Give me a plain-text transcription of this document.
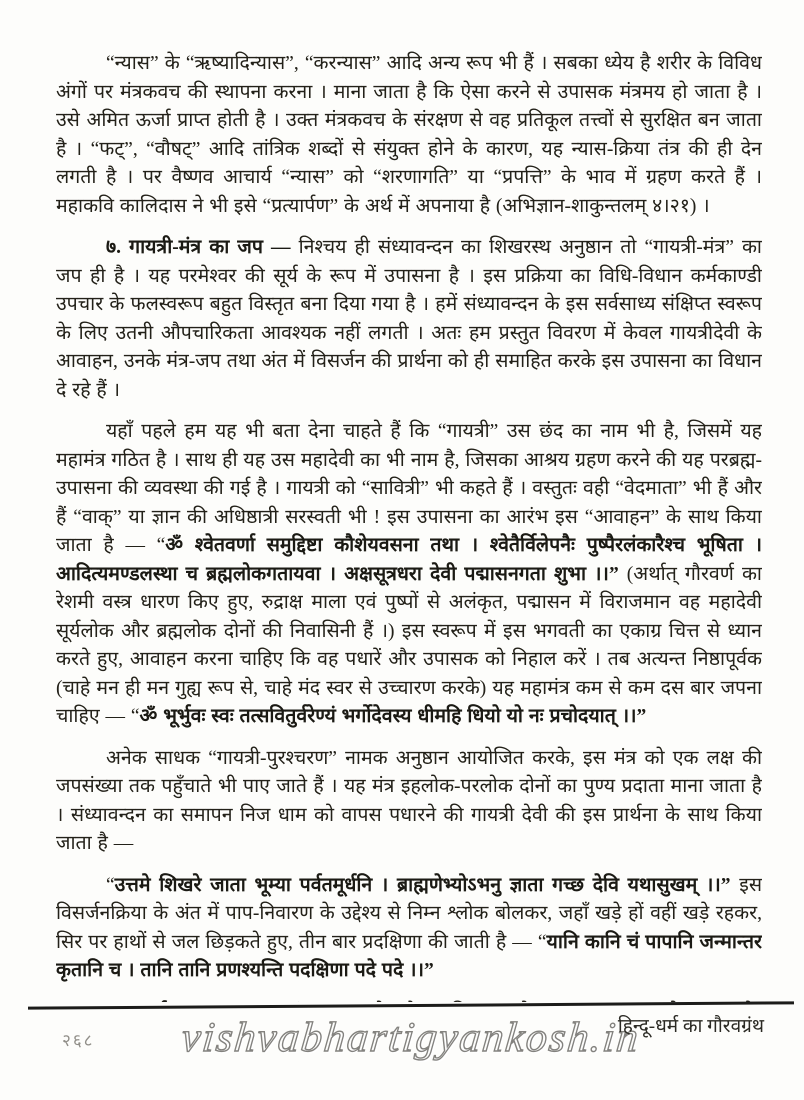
“न्यास” के “ऋष्यादिन्यास”, “करन्यास” आदि अन्य रूप भी हैं । सबका ध्येय है शरीर के विविध अंगों पर मंत्रकवच की स्थापना करना । माना जाता है कि ऐसा करने से उपासक मंत्रमय हो जाता है । उसे अमित ऊर्जा प्राप्त होती है । उक्त मंत्रकवच के संरक्षण से वह प्रतिकूल तत्त्वों से सुरक्षित बन जाता है । “फट्”, “वौषट्” आदि तांत्रिक शब्दों से संयुक्त होने के कारण, यह न्यास-क्रिया तंत्र की ही देन लगती है । पर वैष्णव आचार्य “न्यास” को “शरणागति” या “प्रपत्ति” के भाव में ग्रहण करते हैं । महाकवि कालिदास ने भी इसे “प्रत्यार्पण” के अर्थ में अपनाया है (अभिज्ञान-शाकुन्तलम् ४।२१) ।

७. गायत्री-मंत्र का जप — निश्चय ही संध्यावन्दन का शिखरस्थ अनुष्ठान तो “गायत्री-मंत्र” का जप ही है । यह परमेश्वर की सूर्य के रूप में उपासना है । इस प्रक्रिया का विधि-विधान कर्मकाण्डी उपचार के फलस्वरूप बहुत विस्तृत बना दिया गया है । हमें संध्यावन्दन के इस सर्वसाध्य संक्षिप्त स्वरूप के लिए उतनी औपचारिकता आवश्यक नहीं लगती । अतः हम प्रस्तुत विवरण में केवल गायत्रीदेवी के आवाहन, उनके मंत्र-जप तथा अंत में विसर्जन की प्रार्थना को ही समाहित करके इस उपासना का विधान दे रहे हैं ।

यहाँ पहले हम यह भी बता देना चाहते हैं कि “गायत्री” उस छंद का नाम भी है, जिसमें यह महामंत्र गठित है । साथ ही यह उस महादेवी का भी नाम है, जिसका आश्रय ग्रहण करने की यह परब्रह्म-उपासना की व्यवस्था की गई है । गायत्री को “सावित्री” भी कहते हैं । वस्तुतः वही “वेदमाता” भी हैं और हैं “वाक्” या ज्ञान की अधिष्ठात्री सरस्वती भी ! इस उपासना का आरंभ इस “आवाहन” के साथ किया जाता है — “ॐ श्वेतवर्णा समुद्दिष्टा कौशेयवसना तथा । श्वेतैर्विलेपनैः पुष्पैरलंकारैश्च भूषिता । आदित्यमण्डलस्था च ब्रह्मलोकगतायवा । अक्षसूत्रधरा देवी पद्मासनगता शुभा ।।” (अर्थात् गौरवर्ण का रेशमी वस्त्र धारण किए हुए, रुद्राक्ष माला एवं पुष्पों से अलंकृत, पद्मासन में विराजमान वह महादेवी सूर्यलोक और ब्रह्मलोक दोनों की निवासिनी हैं ।) इस स्वरूप में इस भगवती का एकाग्र चित्त से ध्यान करते हुए, आवाहन करना चाहिए कि वह पधारें और उपासक को निहाल करें । तब अत्यन्त निष्ठापूर्वक (चाहे मन ही मन गुह्य रूप से, चाहे मंद स्वर से उच्चारण करके) यह महामंत्र कम से कम दस बार जपना चाहिए — “ॐ भूर्भुवः स्वः तत्सवितुर्वरेण्यं भर्गोदेवस्य धीमहि धियो यो नः प्रचोदयात् ।।”

अनेक साधक “गायत्री-पुरश्चरण” नामक अनुष्ठान आयोजित करके, इस मंत्र को एक लक्ष की जपसंख्या तक पहुँचाते भी पाए जाते हैं । यह मंत्र इहलोक-परलोक दोनों का पुण्य प्रदाता माना जाता है । संध्यावन्दन का समापन निज धाम को वापस पधारने की गायत्री देवी की इस प्रार्थना के साथ किया जाता है —

“उत्तमे शिखरे जाता भूम्या पर्वतमूर्धनि । ब्राह्मणेभ्योऽभनु ज्ञाता गच्छ देवि यथासुखम् ।।” इस विसर्जनक्रिया के अंत में पाप-निवारण के उद्देश्य से निम्न श्लोक बोलकर, जहाँ खड़े हों वहीं खड़े रहकर, सिर पर हाथों से जल छिड़कते हुए, तीन बार प्रदक्षिणा की जाती है — “यानि कानि चं पापानि जन्मान्तर कृतानि च । तानि तानि प्रणश्यन्ति पदक्षिणा पदे पदे ।।”

२६८ vishvabhartigyankosh.in
हिन्दू-धर्म का गौरवग्रंथ
